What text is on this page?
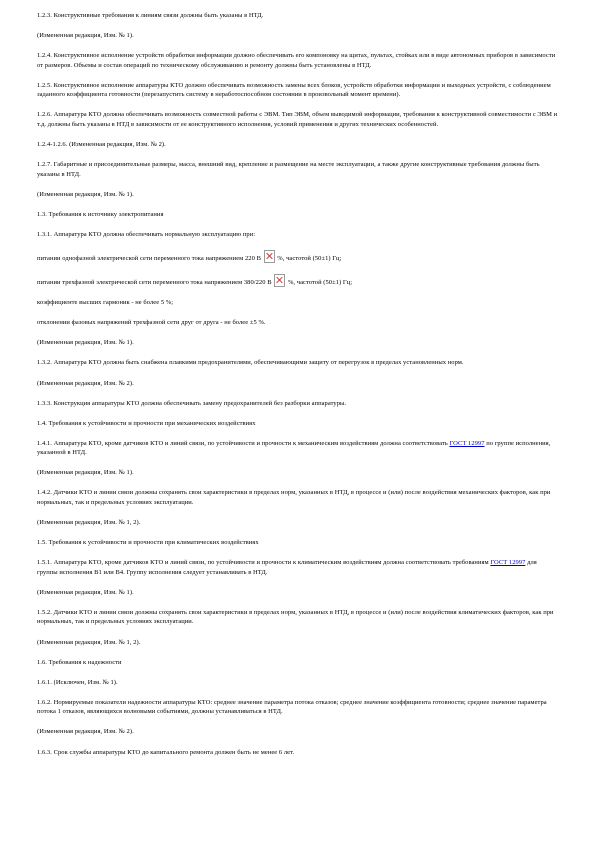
1.2.3. Конструктивные требования к линиям связи должны быть указаны в НТД.

(Измененная редакция, Изм. № 1).

1.2.4. Конструктивное исполнение устройств обработки информации должно обеспечивать его компоновку на щитах, пультах, стойках или в виде автономных приборов в зависимости от размеров. Объемы и состав операций по техническому обслуживанию и ремонту должны быть установлены в НТД.

1.2.5. Конструктивное исполнение аппаратуры КТО должно обеспечивать возможность замены всех блоков, устройств обработки информации и выходных устройств, с соблюдением заданного коэффициента готовности (перезапустить систему в неработоспособном состоянии в произвольный момент времени).

1.2.6. Аппаратура КТО должна обеспечивать возможность совместной работы с ЭВМ. Тип ЭВМ, объем выводимой информации, требования к конструктивной совместимости с ЭВМ и т.д. должны быть указаны в НТД в зависимости от ее конструктивного исполнения, условий применения и других технических особенностей.

1.2.4-1.2.6. (Измененная редакция, Изм. № 2).

1.2.7. Габаритные и присоединительные размеры, масса, внешний вид, крепление и размещение на месте эксплуатации, а также другие конструктивные требования должны быть указаны в НТД.

(Измененная редакция, Изм. № 1).

1.3. Требования к источнику электропитания

1.3.1. Аппаратура КТО должна обеспечивать нормальную эксплуатацию при:

питании однофазной электрической сети переменного тока напряжением 220 В  %, частотой (50±1) Гц;

питании трехфазной электрической сети переменного тока напряжением 380/220 В  %, частотой (50±1) Гц;

коэффициенте высших гармоник - не более 5 %;

отклонении фазовых напряжений трехфазной сети друг от друга - не более ±5 %.

(Измененная редакция, Изм. № 1).

1.3.2. Аппаратура КТО должна быть снабжена плавкими предохранителями, обеспечивающими защиту от перегрузок в пределах установленных норм.

(Измененная редакция, Изм. № 2).

1.3.3. Конструкция аппаратуры КТО должна обеспечивать замену предохранителей без разборки аппаратуры.

1.4. Требования к устойчивости и прочности при механических воздействиях

1.4.1. Аппаратура КТО, кроме датчиков КТО и линий связи, по устойчивости и прочности к механическим воздействиям должна соответствовать ГОСТ 12997 по группе исполнения, указанной в НТД.

(Измененная редакция, Изм. № 1).

1.4.2. Датчики КТО и линии связи должны сохранять свои характеристики в пределах норм, указанных в НТД, в процессе и (или) после воздействия механических факторов, как при нормальных, так и предельных условиях эксплуатации.

(Измененная редакция, Изм. № 1, 2).

1.5. Требования к устойчивости и прочности при климатических воздействиях

1.5.1. Аппаратура КТО, кроме датчиков КТО и линий связи, по устойчивости и прочности к климатическим воздействиям должна соответствовать требованиям ГОСТ 12997 для группы исполнения В1 или В4. Группу исполнения следует устанавливать в НТД.

(Измененная редакция, Изм. № 1).

1.5.2. Датчики КТО и линии связи должны сохранять свои характеристики в пределах норм, указанных в НТД, в процессе и (или) после воздействия климатических факторов, как при нормальных, так и предельных условиях эксплуатации.

(Измененная редакция, Изм. № 1, 2).

1.6. Требования к надежности

1.6.1. (Исключен, Изм. № 1).

1.6.2. Нормируемые показатели надежности аппаратуры КТО: среднее значение параметра потока отказов; среднее значение коэффициента готовности; среднее значение параметра потока 1 отказов, являющихся волновыми событиями, должны устанавливаться в НТД.

(Измененная редакция, Изм. № 2).

1.6.3. Срок службы аппаратуры КТО до капитального ремонта должен быть не менее 6 лет.
